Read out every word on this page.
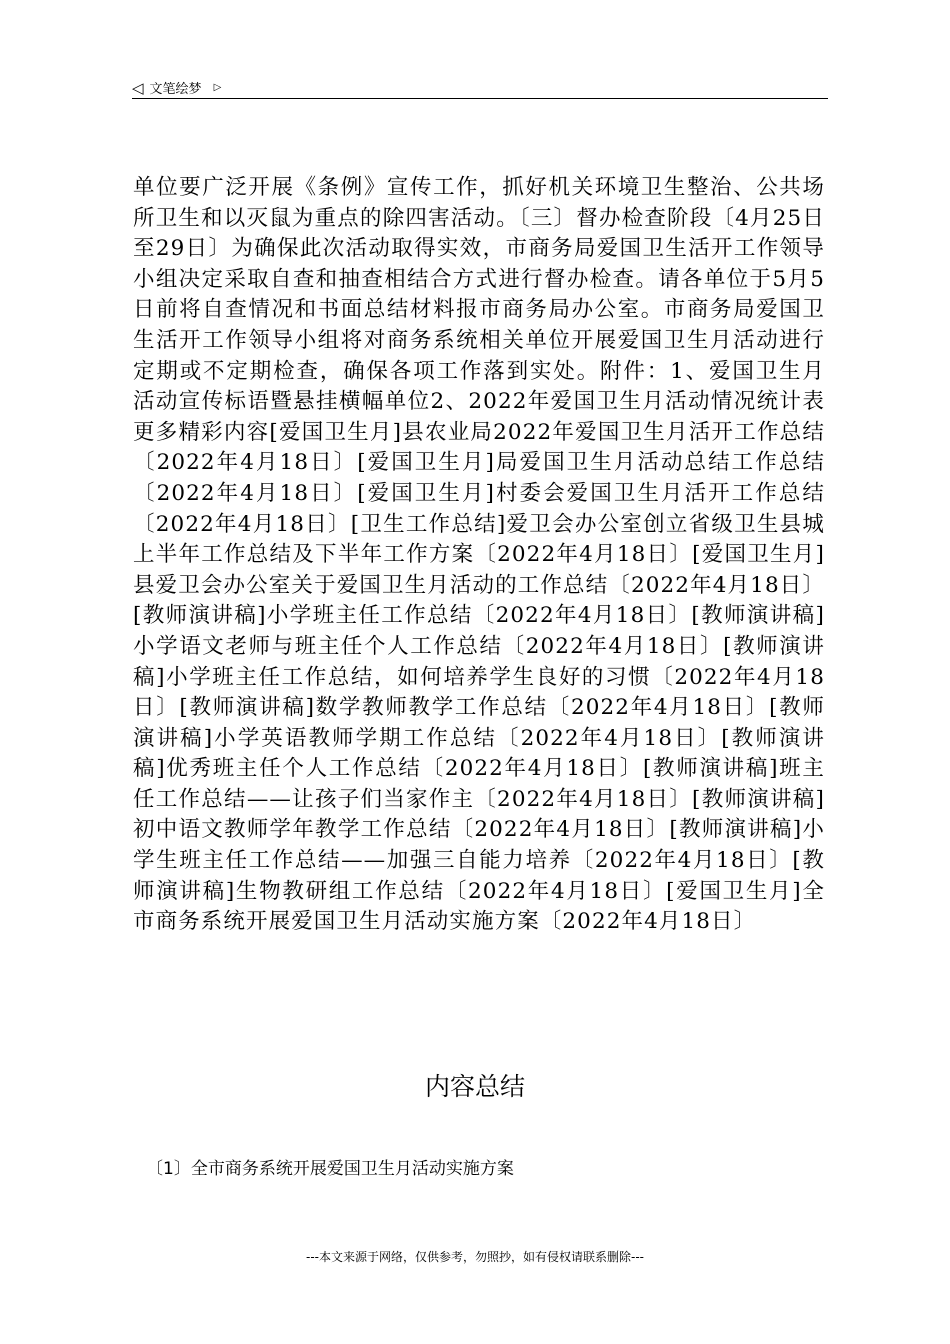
◁ 文笔绘梦 ▷
单位要广泛开展《条例》宣传工作，抓好机关环境卫生整治、公共场所卫生和以灭鼠为重点的除四害活动。〔三〕督办检查阶段〔4月25日至29日〕为确保此次活动取得实效，市商务局爱国卫生活开工作领导小组决定采取自查和抽查相结合方式进行督办检查。请各单位于5月5日前将自查情况和书面总结材料报市商务局办公室。市商务局爱国卫生活开工作领导小组将对商务系统相关单位开展爱国卫生月活动进行定期或不定期检查，确保各项工作落到实处。附件：1、爱国卫生月活动宣传标语暨悬挂横幅单位2、2022年爱国卫生月活动情况统计表更多精彩内容[爱国卫生月]县农业局2022年爱国卫生月活开工作总结〔2022年4月18日〕[爱国卫生月]局爱国卫生月活动总结工作总结〔2022年4月18日〕[爱国卫生月]村委会爱国卫生月活开工作总结〔2022年4月18日〕[卫生工作总结]爱卫会办公室创立省级卫生县城上半年工作总结及下半年工作方案〔2022年4月18日〕[爱国卫生月]县爱卫会办公室关于爱国卫生月活动的工作总结〔2022年4月18日〕[教师演讲稿]小学班主任工作总结〔2022年4月18日〕[教师演讲稿]小学语文老师与班主任个人工作总结〔2022年4月18日〕[教师演讲稿]小学班主任工作总结，如何培养学生良好的习惯〔2022年4月18日〕[教师演讲稿]数学教师教学工作总结〔2022年4月18日〕[教师演讲稿]小学英语教师学期工作总结〔2022年4月18日〕[教师演讲稿]优秀班主任个人工作总结〔2022年4月18日〕[教师演讲稿]班主任工作总结——让孩子们当家作主〔2022年4月18日〕[教师演讲稿]初中语文教师学年教学工作总结〔2022年4月18日〕[教师演讲稿]小学生班主任工作总结——加强三自能力培养〔2022年4月18日〕[教师演讲稿]生物教研组工作总结〔2022年4月18日〕[爱国卫生月]全市商务系统开展爱国卫生月活动实施方案〔2022年4月18日〕
内容总结
〔1〕全市商务系统开展爱国卫生月活动实施方案
---本文来源于网络，仅供参考，勿照抄，如有侵权请联系删除---
